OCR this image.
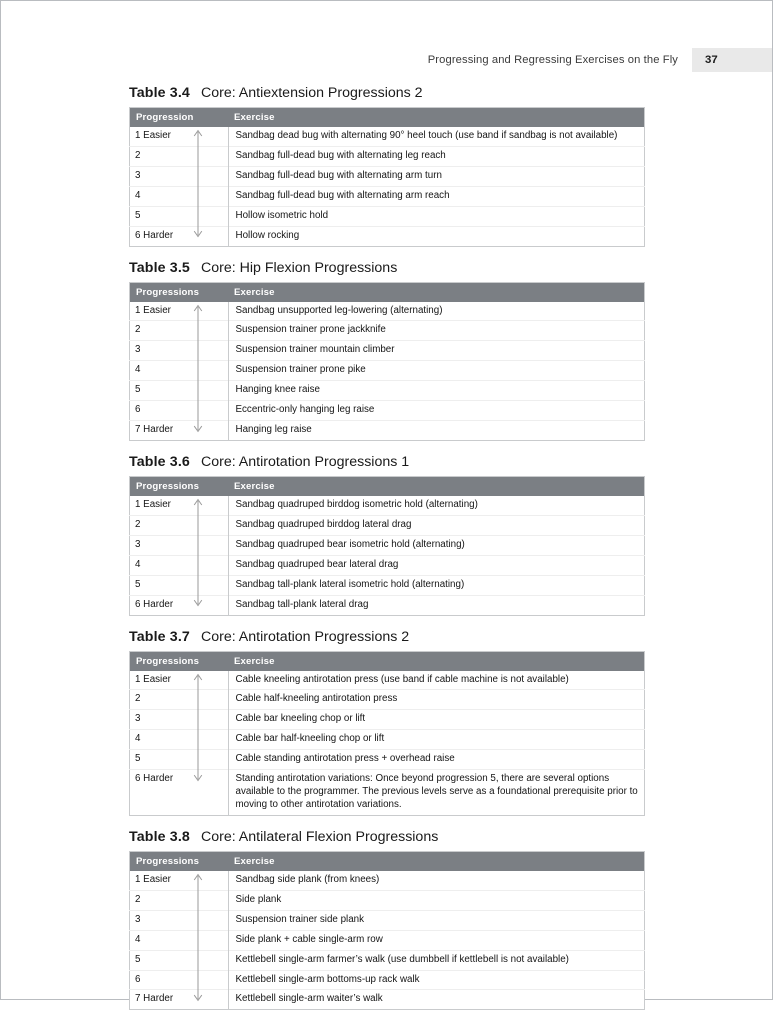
Progressing and Regressing Exercises on the Fly	37
Table 3.4 Core: Antiextension Progressions 2
Progression	Exercise
1 Easier	Sandbag dead bug with alternating 90° heel touch (use band if sandbag is not available)
2	Sandbag full-dead bug with alternating leg reach
3	Sandbag full-dead bug with alternating arm turn
4	Sandbag full-dead bug with alternating arm reach
5	Hollow isometric hold
6 Harder	Hollow rocking
Table 3.5 Core: Hip Flexion Progressions
Progressions	Exercise
1 Easier	Sandbag unsupported leg-lowering (alternating)
2	Suspension trainer prone jackknife
3	Suspension trainer mountain climber
4	Suspension trainer prone pike
5	Hanging knee raise
6	Eccentric-only hanging leg raise
7 Harder	Hanging leg raise
Table 3.6 Core: Antirotation Progressions 1
Progressions	Exercise
1 Easier	Sandbag quadruped birddog isometric hold (alternating)
2	Sandbag quadruped birddog lateral drag
3	Sandbag quadruped bear isometric hold (alternating)
4	Sandbag quadruped bear lateral drag
5	Sandbag tall-plank lateral isometric hold (alternating)
6 Harder	Sandbag tall-plank lateral drag
Table 3.7 Core: Antirotation Progressions 2
Progressions	Exercise
1 Easier	Cable kneeling antirotation press (use band if cable machine is not available)
2	Cable half-kneeling antirotation press
3	Cable bar kneeling chop or lift
4	Cable bar half-kneeling chop or lift
5	Cable standing antirotation press + overhead raise
6 Harder	Standing antirotation variations: Once beyond progression 5, there are several options available to the programmer. The previous levels serve as a foundational prerequisite prior to moving to other antirotation variations.
Table 3.8 Core: Antilateral Flexion Progressions
Progressions	Exercise
1 Easier	Sandbag side plank (from knees)
2	Side plank
3	Suspension trainer side plank
4	Side plank + cable single-arm row
5	Kettlebell single-arm farmer’s walk (use dumbbell if kettlebell is not available)
6	Kettlebell single-arm bottoms-up rack walk
7 Harder	Kettlebell single-arm waiter’s walk
